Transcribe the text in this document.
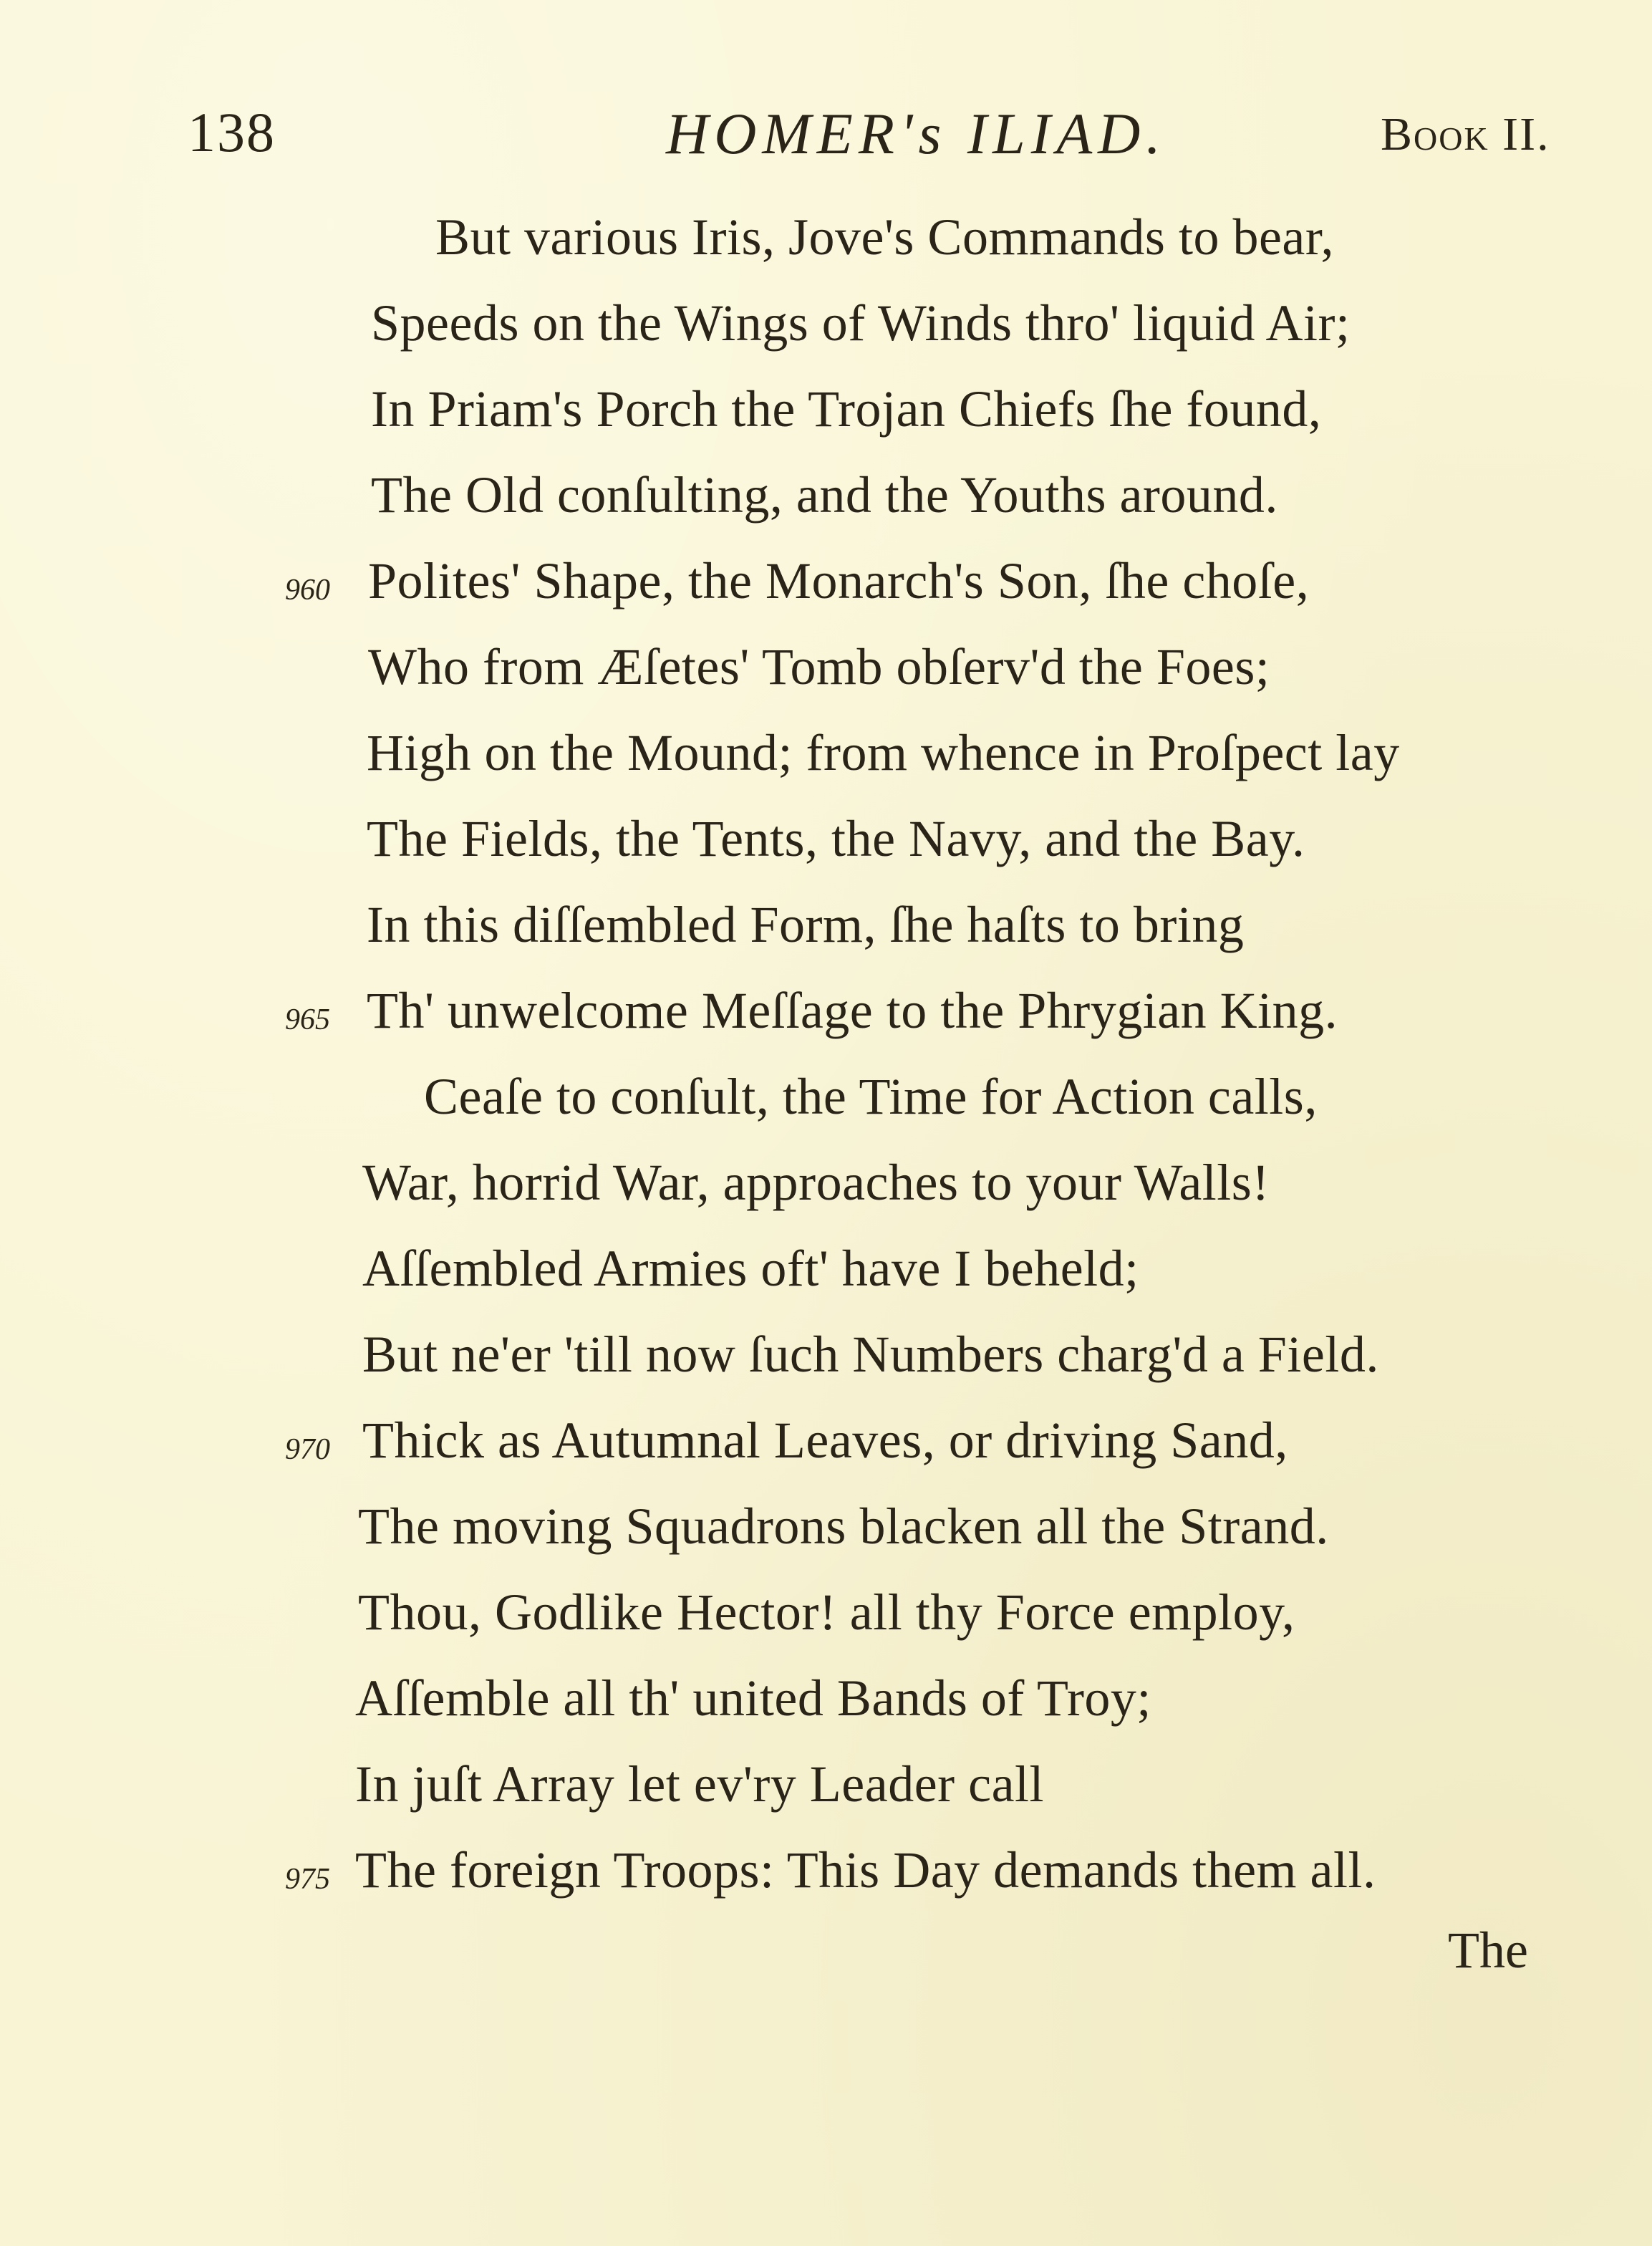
138	HOMER's ILIAD.	Book II.
But various Iris, Jove's Commands to bear,
Speeds on the Wings of Winds thro' liquid Air;
In Priam's Porch the Trojan Chiefs ſhe found,
The Old conſulting, and the Youths around.
960 Polites' Shape, the Monarch's Son, ſhe choſe,
Who from Æſetes' Tomb obſerv'd the Foes;
High on the Mound; from whence in Proſpect lay
The Fields, the Tents, the Navy, and the Bay.
In this diſſembled Form, ſhe haſts to bring
965 Th' unwelcome Meſſage to the Phrygian King.
Ceaſe to conſult, the Time for Action calls,
War, horrid War, approaches to your Walls!
Aſſembled Armies oft' have I beheld;
But ne'er 'till now ſuch Numbers charg'd a Field.
970 Thick as Autumnal Leaves, or driving Sand,
The moving Squadrons blacken all the Strand.
Thou, Godlike Hector! all thy Force employ,
Aſſemble all th' united Bands of Troy;
In juſt Array let ev'ry Leader call
975 The foreign Troops: This Day demands them all.
The
